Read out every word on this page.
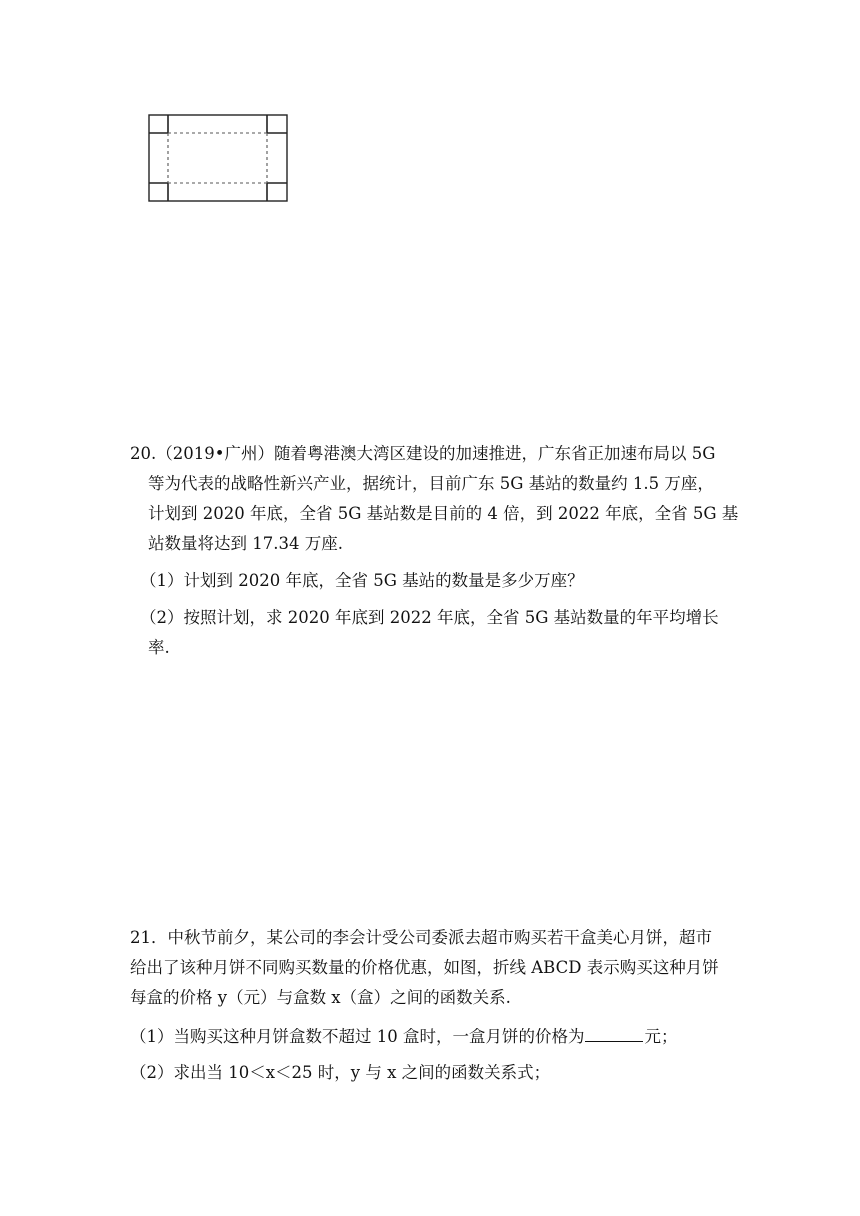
20.（2019•广州）随着粤港澳大湾区建设的加速推进，广东省正加速布局以 5G
等为代表的战略性新兴产业，据统计，目前广东 5G 基站的数量约 1.5 万座，
计划到 2020 年底，全省 5G 基站数是目前的 4 倍，到 2022 年底，全省 5G 基
站数量将达到 17.34 万座.
（1）计划到 2020 年底，全省 5G 基站的数量是多少万座？
（2）按照计划，求 2020 年底到 2022 年底，全省 5G 基站数量的年平均增长
率.
21．中秋节前夕，某公司的李会计受公司委派去超市购买若干盒美心月饼，超市
给出了该种月饼不同购买数量的价格优惠，如图，折线 ABCD 表示购买这种月饼
每盒的价格 y（元）与盒数 x（盒）之间的函数关系.
（1）当购买这种月饼盒数不超过 10 盒时，一盒月饼的价格为	元；
（2）求出当 10＜x＜25 时，y 与 x 之间的函数关系式；
